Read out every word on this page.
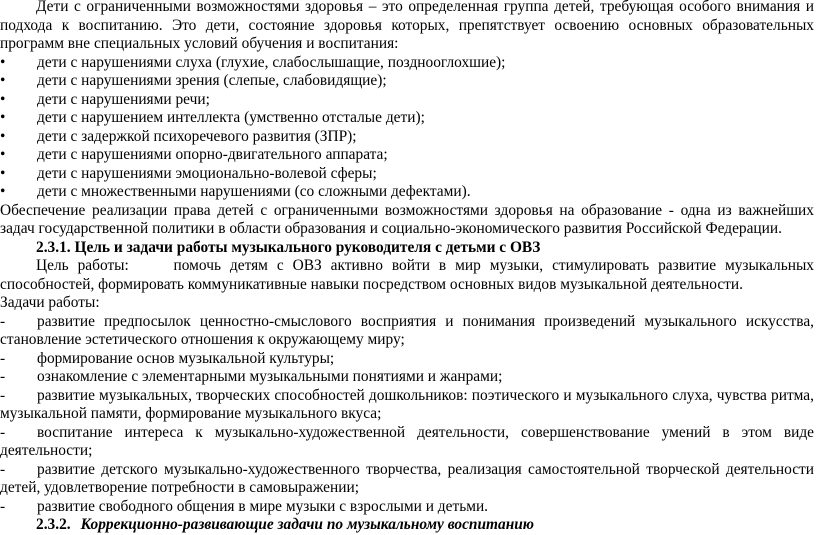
Дети с ограниченными возможностями здоровья – это определенная группа детей, требующая особого внимания и подхода к воспитанию. Это дети, состояние здоровья которых, препятствует освоению основных образовательных программ вне специальных условий обучения и воспитания:

• дети с нарушениями слуха (глухие, слабослышащие, позднооглохшие);
• дети с нарушениями зрения (слепые, слабовидящие);
• дети с нарушениями речи;
• дети с нарушением интеллекта (умственно отсталые дети);
• дети с задержкой психоречевого развития (ЗПР);
• дети с нарушениями опорно-двигательного аппарата;
• дети с нарушениями эмоционально-волевой сферы;
• дети с множественными нарушениями (со сложными дефектами).

Обеспечение реализации права детей с ограниченными возможностями здоровья на образование - одна из важнейших задач государственной политики в области образования и социально-экономического развития Российской Федерации.

2.3.1. Цель и задачи работы музыкального руководителя с детьми с ОВЗ

Цель работы:	помочь детям с ОВЗ активно войти в мир музыки, стимулировать развитие музыкальных способностей, формировать коммуникативные навыки посредством основных видов музыкальной деятельности.

Задачи работы:

- развитие предпосылок ценностно-смыслового восприятия и понимания произведений музыкального искусства, становление эстетического отношения к окружающему миру;
- формирование основ музыкальной культуры;
- ознакомление с элементарными музыкальными понятиями и жанрами;
- развитие музыкальных, творческих способностей дошкольников: поэтического и музыкального слуха, чувства ритма, музыкальной памяти, формирование музыкального вкуса;
- воспитание интереса к музыкально-художественной деятельности, совершенствование умений в этом виде деятельности;
- развитие детского музыкально-художественного творчества, реализация самостоятельной творческой деятельности детей, удовлетворение потребности в самовыражении;
- развитие свободного общения в мире музыки с взрослыми и детьми.

2.3.2. Коррекционно-развивающие задачи по музыкальному воспитанию
